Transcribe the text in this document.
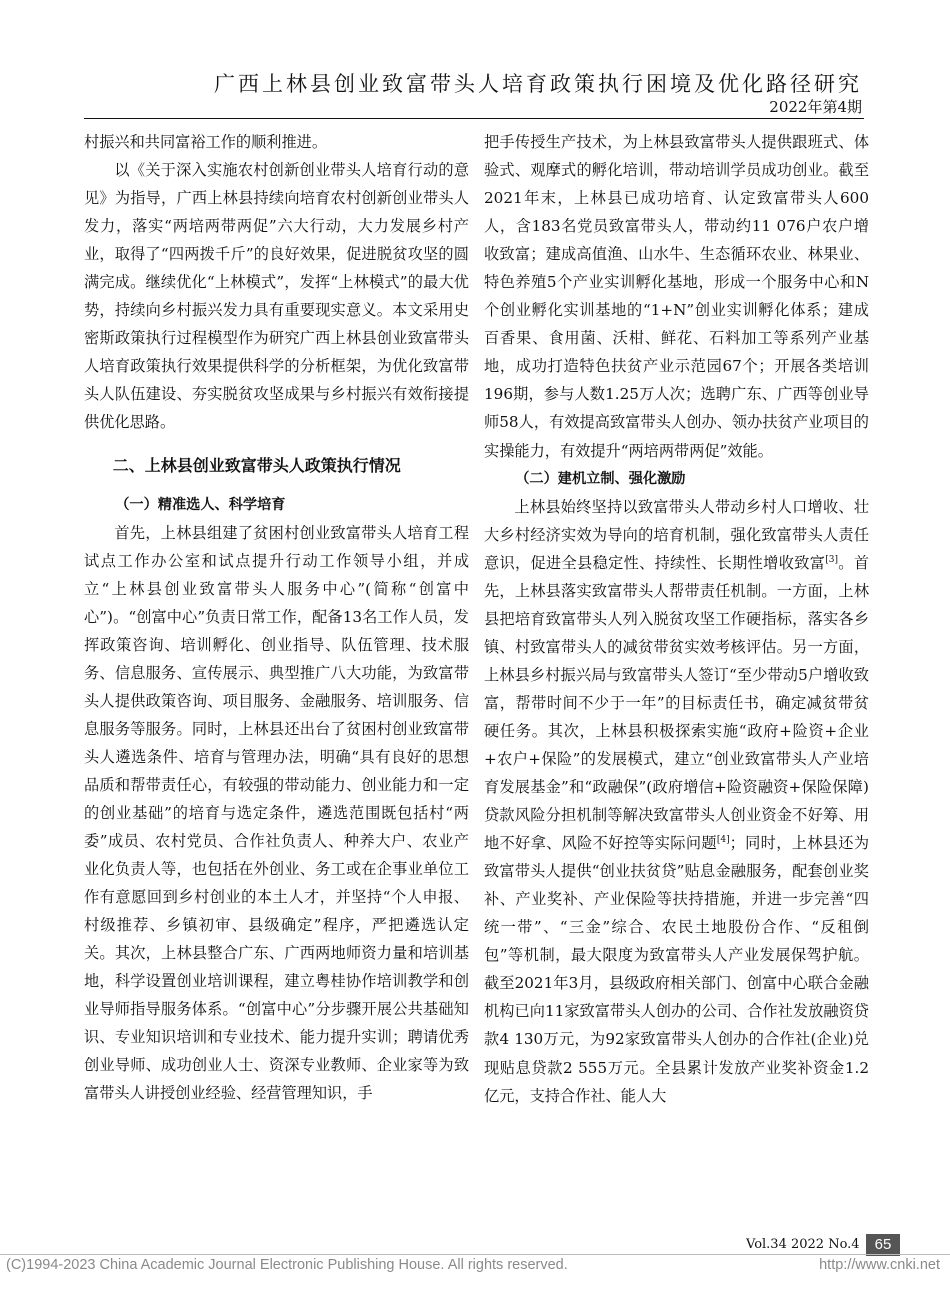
广西上林县创业致富带头人培育政策执行困境及优化路径研究
2022年第4期

村振兴和共同富裕工作的顺利推进。

以《关于深入实施农村创新创业带头人培育行动的意见》为指导，广西上林县持续向培育农村创新创业带头人发力，落实“两培两带两促”六大行动，大力发展乡村产业，取得了“四两拨千斤”的良好效果，促进脱贫攻坚的圆满完成。继续优化“上林模式”，发挥“上林模式”的最大优势，持续向乡村振兴发力具有重要现实意义。本文采用史密斯政策执行过程模型作为研究广西上林县创业致富带头人培育政策执行效果提供科学的分析框架，为优化致富带头人队伍建设、夯实脱贫攻坚成果与乡村振兴有效衔接提供优化思路。

二、上林县创业致富带头人政策执行情况
（一）精准选人、科学培育

首先，上林县组建了贫困村创业致富带头人培育工程试点工作办公室和试点提升行动工作领导小组，并成立“上林县创业致富带头人服务中心”(简称“创富中心”)。“创富中心”负责日常工作，配备13名工作人员，发挥政策咨询、培训孵化、创业指导、队伍管理、技术服务、信息服务、宣传展示、典型推广八大功能，为致富带头人提供政策咨询、项目服务、金融服务、培训服务、信息服务等服务。同时，上林县还出台了贫困村创业致富带头人遴选条件、培育与管理办法，明确“具有良好的思想品质和帮带责任心，有较强的带动能力、创业能力和一定的创业基础”的培育与选定条件，遴选范围既包括村“两委”成员、农村党员、合作社负责人、种养大户、农业产业化负责人等，也包括在外创业、务工或在企事业单位工作有意愿回到乡村创业的本土人才，并坚持“个人申报、村级推荐、乡镇初审、县级确定”程序，严把遴选认定关。其次，上林县整合广东、广西两地师资力量和培训基地，科学设置创业培训课程，建立粤桂协作培训教学和创业导师指导服务体系。“创富中心”分步骤开展公共基础知识、专业知识培训和专业技术、能力提升实训；聘请优秀创业导师、成功创业人士、资深专业教师、企业家等为致富带头人讲授创业经验、经营管理知识，手

把手传授生产技术，为上林县致富带头人提供跟班式、体验式、观摩式的孵化培训，带动培训学员成功创业。截至2021年末，上林县已成功培育、认定致富带头人600人，含183名党员致富带头人，带动约11 076户农户增收致富；建成高值渔、山水牛、生态循环农业、林果业、特色养殖5个产业实训孵化基地，形成一个服务中心和N个创业孵化实训基地的“1+N”创业实训孵化体系；建成百香果、食用菌、沃柑、鲜花、石料加工等系列产业基地，成功打造特色扶贫产业示范园67个；开展各类培训196期，参与人数1.25万人次；选聘广东、广西等创业导师58人，有效提高致富带头人创办、领办扶贫产业项目的实操能力，有效提升“两培两带两促”效能。

（二）建机立制、强化激励

上林县始终坚持以致富带头人带动乡村人口增收、壮大乡村经济实效为导向的培育机制，强化致富带头人责任意识，促进全县稳定性、持续性、长期性增收致富[3]。首先，上林县落实致富带头人帮带责任机制。一方面，上林县把培育致富带头人列入脱贫攻坚工作硬指标，落实各乡镇、村致富带头人的减贫带贫实效考核评估。另一方面，上林县乡村振兴局与致富带头人签订“至少带动5户增收致富，帮带时间不少于一年”的目标责任书，确定减贫带贫硬任务。其次，上林县积极探索实施“政府+险资+企业+农户+保险”的发展模式，建立“创业致富带头人产业培育发展基金”和“政融保”(政府增信+险资融资+保险保障)贷款风险分担机制等解决致富带头人创业资金不好筹、用地不好拿、风险不好控等实际问题[4]；同时，上林县还为致富带头人提供“创业扶贫贷”贴息金融服务，配套创业奖补、产业奖补、产业保险等扶持措施，并进一步完善“四统一带”、“三金”综合、农民土地股份合作、“反租倒包”等机制，最大限度为致富带头人产业发展保驾护航。截至2021年3月，县级政府相关部门、创富中心联合金融机构已向11家致富带头人创办的公司、合作社发放融资贷款4 130万元，为92家致富带头人创办的合作社(企业)兑现贴息贷款2 555万元。全县累计发放产业奖补资金1.2亿元，支持合作社、能人大

Vol.34 2022 No.4	65
(C)1994-2023 China Academic Journal Electronic Publishing House. All rights reserved.	http://www.cnki.net
